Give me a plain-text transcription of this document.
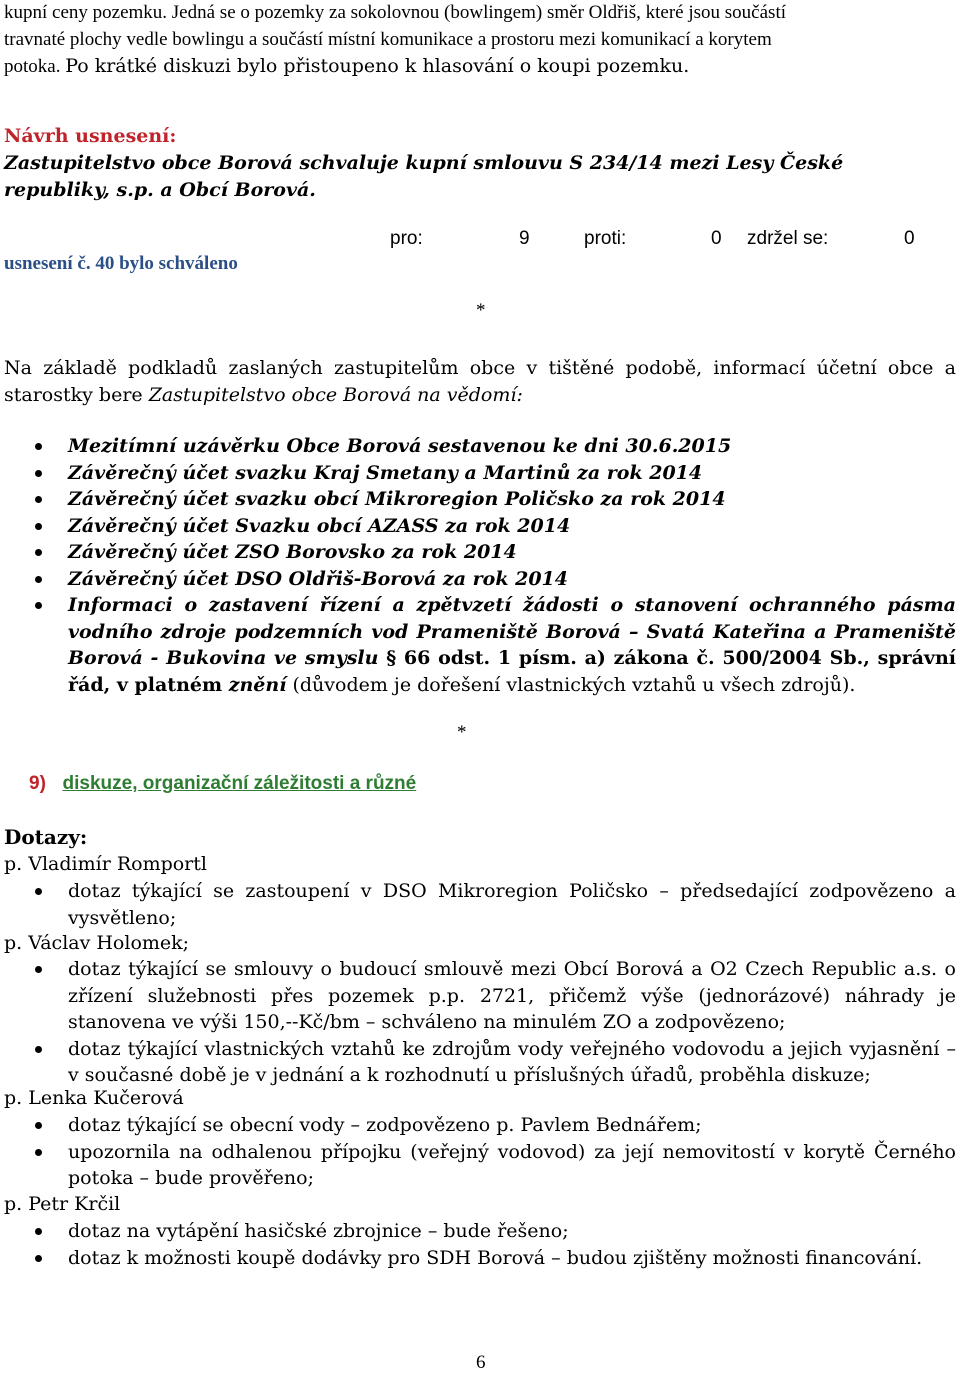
kupní ceny pozemku. Jedná se o pozemky za sokolovnou (bowlingem) směr Oldřiš, které jsou součástí
travnaté plochy vedle bowlingu a součástí místní komunikace a prostoru mezi komunikací a korytem
potoka. Po krátké diskuzi bylo přistoupeno k hlasování o koupi pozemku.
Návrh usnesení:
Zastupitelstvo obce Borová schvaluje kupní smlouvu S 234/14 mezi Lesy České republiky, s.p. a Obcí Borová.
pro:	9	proti:	0 zdržel se:	0
usnesení č. 40 bylo schváleno
*
Na základě podkladů zaslaných zastupitelům obce v tištěné podobě, informací účetní obce a starostky bere Zastupitelstvo obce Borová na vědomí:
Mezitímní uzávěrku Obce Borová sestavenou ke dni 30.6.2015
Závěrečný účet svazku Kraj Smetany a Martinů za rok 2014
Závěrečný účet svazku obcí Mikroregion Poličsko za rok 2014
Závěrečný účet Svazku obcí AZASS za rok 2014
Závěrečný účet ZSO Borovsko za rok 2014
Závěrečný účet DSO Oldřiš-Borová za rok 2014
Informaci o zastavení řízení a zpětvzetí žádosti o stanovení ochranného pásma vodního zdroje podzemních vod Prameniště Borová – Svatá Kateřina a Prameniště Borová - Bukovina ve smyslu § 66 odst. 1 písm. a) zákona č. 500/2004 Sb., správní řád, v platném znění (důvodem je dořešení vlastnických vztahů u všech zdrojů).
*
9) diskuze, organizační záležitosti a různé
Dotazy:
p. Vladimír Romportl
dotaz týkající se zastoupení v DSO Mikroregion Poličsko – předsedající zodpovězeno a vysvětleno;
p. Václav Holomek;
dotaz týkající se smlouvy o budoucí smlouvě mezi Obcí Borová a O2 Czech Republic a.s. o zřízení služebnosti přes pozemek p.p. 2721, přičemž výše (jednorázové) náhrady je stanovena ve výši 150,--Kč/bm – schváleno na minulém ZO a zodpovězeno;
dotaz týkající vlastnických vztahů ke zdrojům vody veřejného vodovodu a jejich vyjasnění – v současné době je v jednání a k rozhodnutí u příslušných úřadů, proběhla diskuze;
p. Lenka Kučerová
dotaz týkající se obecní vody – zodpovězeno p. Pavlem Bednářem;
upozornila na odhalenou přípojku (veřejný vodovod) za její nemovitostí v korytě Černého potoka – bude prověřeno;
p. Petr Krčil
dotaz na vytápění hasičské zbrojnice – bude řešeno;
dotaz k možnosti koupě dodávky pro SDH Borová – budou zjištěny možnosti financování.
6
